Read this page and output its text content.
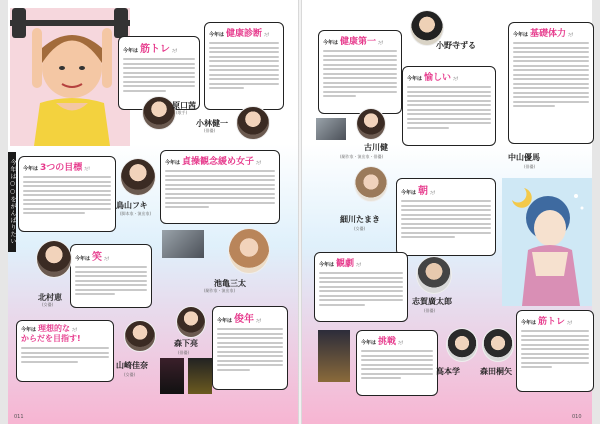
今年は○○をがんばりたい
今年は 筋トレ だ!
今年は 健康診断 だ!
原口茜
(歌手)
小林健一
(俳優)
今年は 3つの目標 だ!
鳥山フキ
(脚本家・演出家)
今年は 貞操観念緩め女子 だ!
今年は 笑 だ!
北村恵
(女優)
池亀三太
(劇作家・演出家)
今年は 理想的な だ!
からだを目指す!
山崎佳奈
(女優)
森下亮
(俳優)
今年は 俊年 だ!
今年は 健康第一 だ!
古川健
(劇作家・演出家・俳優)
小野寺ずる
今年は 基礎体力 だ!
今年は 愉しい だ!
中山優馬
(俳優)
細川たまき
(女優)
今年は 朝 だ!
今年は 観劇 だ!
志賀廣太郎
(俳優)
今年は 挑戦 だ!
高本学	森田桐矢
今年は 筋トレ だ!
011	010
